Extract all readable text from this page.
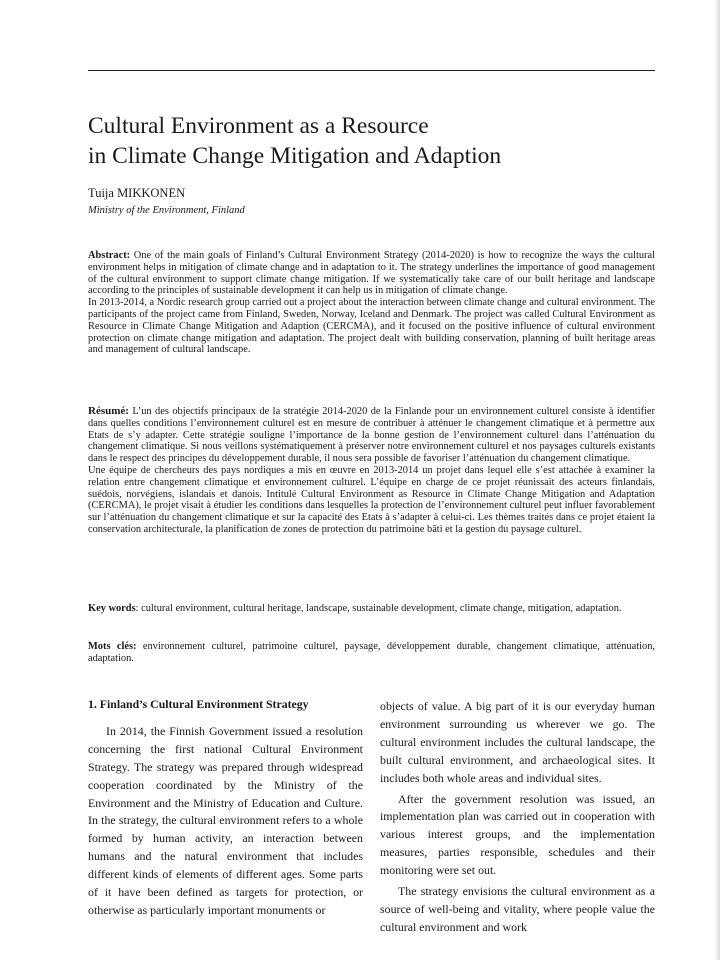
Cultural Environment as a Resource
in Climate Change Mitigation and Adaption
Tuija MIKKONEN
Ministry of the Environment, Finland

Abstract: One of the main goals of Finland’s Cultural Environment Strategy (2014-2020) is how to recognize the ways the cultural environment helps in mitigation of climate change and in adaptation to it. The strategy underlines the importance of good management of the cultural environment to support climate change mitigation. If we systematically take care of our built heritage and landscape according to the principles of sustainable development it can help us in mitigation of climate change.

In 2013-2014, a Nordic research group carried out a project about the interaction between climate change and cultural environment. The participants of the project came from Finland, Sweden, Norway, Iceland and Denmark. The project was called Cultural Environment as Resource in Climate Change Mitigation and Adaption (CERCMA), and it focused on the positive influence of cultural environment protection on climate change mitigation and adaptation. The project dealt with building conservation, planning of built heritage areas and management of cultural landscape.

Résumé: L’un des objectifs principaux de la stratégie 2014-2020 de la Finlande pour un environnement culturel consiste à identifier dans quelles conditions l’environnement culturel est en mesure de contribuer à atténuer le changement climatique et à permettre aux Etats de s’y adapter. Cette stratégie souligne l’importance de la bonne gestion de l’environnement culturel dans l’atténuation du changement climatique. Si nous veillons systématiquement à préserver notre environnement culturel et nos paysages culturels existants dans le respect des principes du développement durable, il nous sera possible de favoriser l’atténuation du changement climatique.

Une équipe de chercheurs des pays nordiques a mis en œuvre en 2013-2014 un projet dans lequel elle s’est attachée à examiner la relation entre changement climatique et environnement culturel. L’équipe en charge de ce projet réunissait des acteurs finlandais, suédois, norvégiens, islandais et danois. Intitulé Cultural Environment as Resource in Climate Change Mitigation and Adaptation (CERCMA), le projet visait à étudier les conditions dans lesquelles la protection de l’environnement culturel peut influer favorablement sur l’atténuation du changement climatique et sur la capacité des Etats à s’adapter à celui-ci. Les thèmes traités dans ce projet étaient la conservation architecturale, la planification de zones de protection du patrimoine bâti et la gestion du paysage culturel.

Key words: cultural environment, cultural heritage, landscape, sustainable development, climate change, mitigation, adaptation.

Mots clés: environnement culturel, patrimoine culturel, paysage, développement durable, changement climatique, atténuation, adaptation.

1. Finland’s Cultural Environment Strategy

In 2014, the Finnish Government issued a resolution concerning the first national Cultural Environment Strategy. The strategy was prepared through widespread cooperation coordinated by the Ministry of the Environment and the Ministry of Education and Culture. In the strategy, the cultural environment refers to a whole formed by human activity, an interaction between humans and the natural environment that includes different kinds of elements of different ages. Some parts of it have been defined as targets for protection, or otherwise as particularly important monuments or

objects of value. A big part of it is our everyday human environment surrounding us wherever we go. The cultural environment includes the cultural landscape, the built cultural environment, and archaeological sites. It includes both whole areas and individual sites.

After the government resolution was issued, an implementation plan was carried out in cooperation with various interest groups, and the implementation measures, parties responsible, schedules and their monitoring were set out.

The strategy envisions the cultural environment as a source of well-being and vitality, where people value the cultural environment and work
